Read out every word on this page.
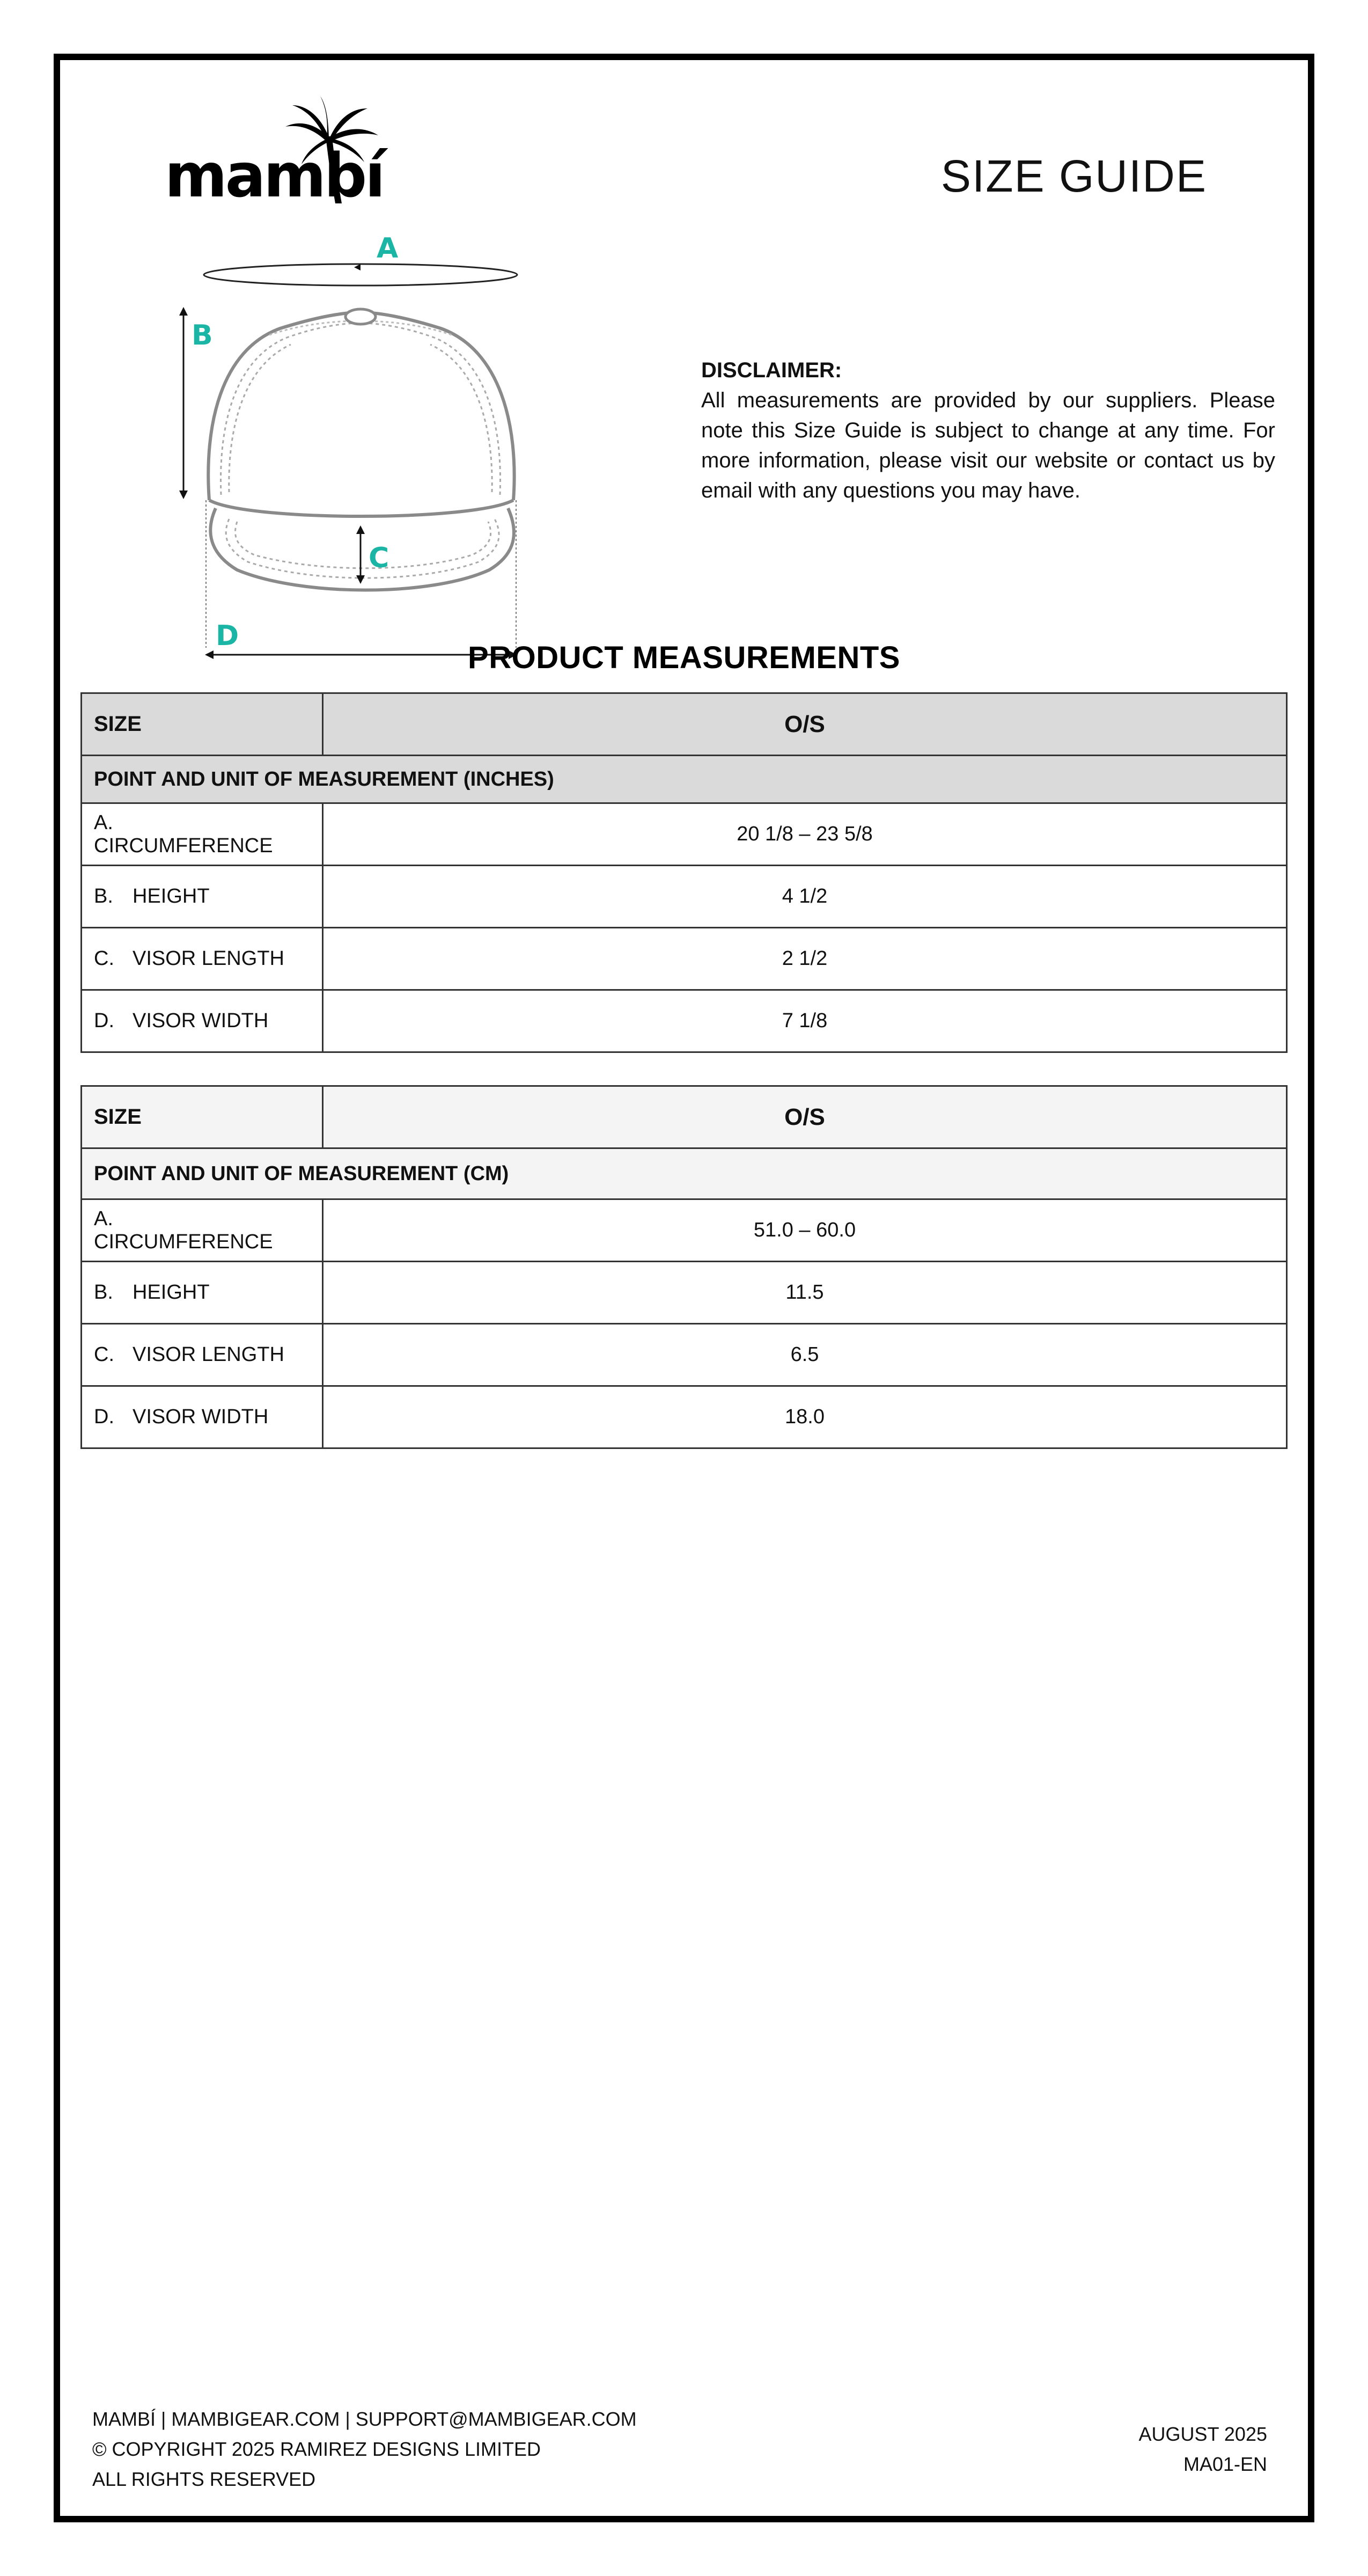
mambí	SIZE GUIDE
A
B
C
D
DISCLAIMER:
All measurements are provided by our suppliers. Please note this Size Guide is subject to change at any time. For more information, please visit our website or contact us by email with any questions you may have.
PRODUCT MEASUREMENTS
SIZE	O/S
POINT AND UNIT OF MEASUREMENT (INCHES)	
A.CIRCUMFERENCE	20 1/8 – 23 5/8
B. HEIGHT	4 1/2
C. VISOR LENGTH	2 1/2
D. VISOR WIDTH	7 1/8
SIZE	O/S
POINT AND UNIT OF MEASUREMENT (CM)	
A.CIRCUMFERENCE	51.0 – 60.0
B. HEIGHT	11.5
C. VISOR LENGTH	6.5
D. VISOR WIDTH	18.0
MAMBÍ | MAMBIGEAR.COM | SUPPORT@MAMBIGEAR.COM
© COPYRIGHT 2025 RAMIREZ DESIGNS LIMITED
ALL RIGHTS RESERVED
AUGUST 2025
MA01-EN
